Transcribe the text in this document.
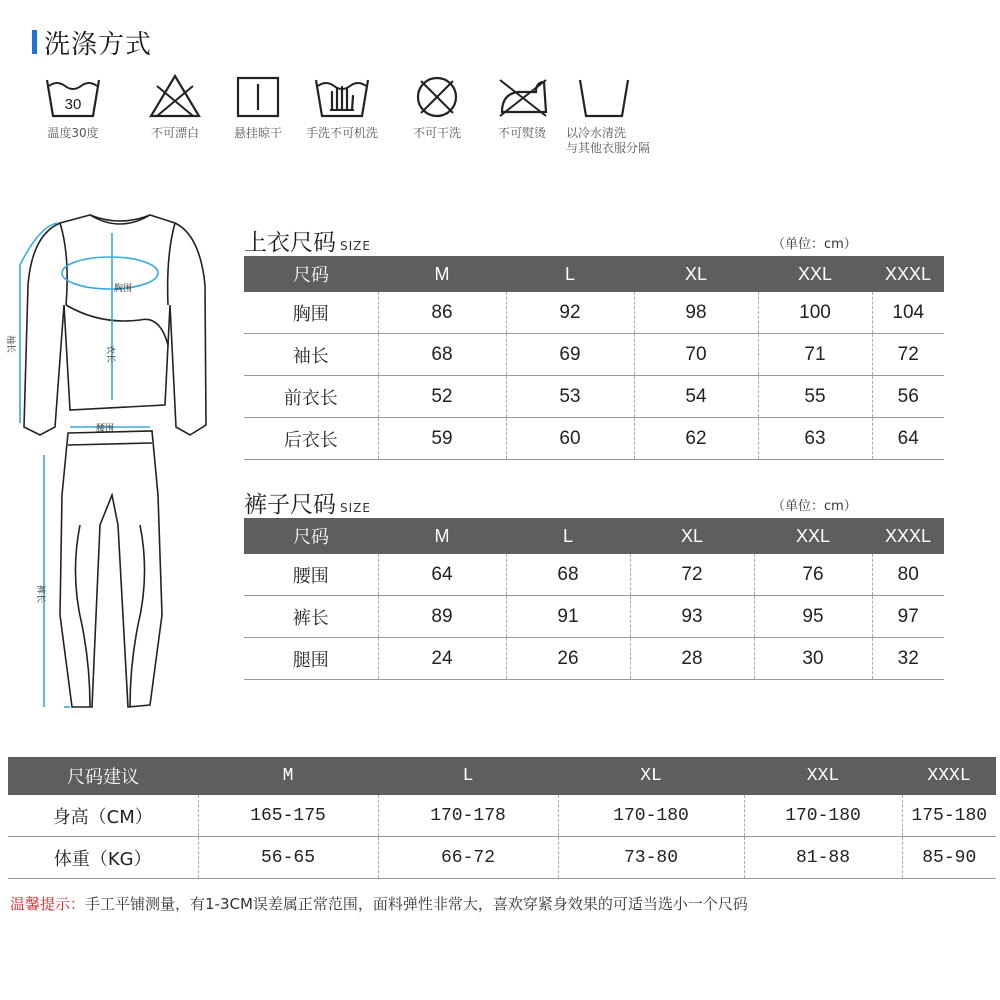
洗涤方式
30
温度30度	不可漂白	悬挂晾干	手洗不可机洗	不可干洗	不可熨烫	以冷水清洗
与其他衣服分隔
胸围
衣长
袖长
腰围
裤长
上衣尺码 SIZE	（单位：cm）
尺码	M	L	XL	XXL	XXXL
胸围	86	92	98	100	104
袖长	68	69	70	71	72
前衣长	52	53	54	55	56
后衣长	59	60	62	63	64
裤子尺码 SIZE	（单位：cm）
尺码	M	L	XL	XXL	XXXL
腰围	64	68	72	76	80
裤长	89	91	93	95	97
腿围	24	26	28	30	32
尺码建议	M	L	XL	XXL	XXXL
身高（CM）	165-175	170-178	170-180	170-180	175-180
体重（KG）	56-65	66-72	73-80	81-88	85-90
温馨提示：手工平铺测量，有1-3CM误差属正常范围，面料弹性非常大，喜欢穿紧身效果的可适当选小一个尺码
